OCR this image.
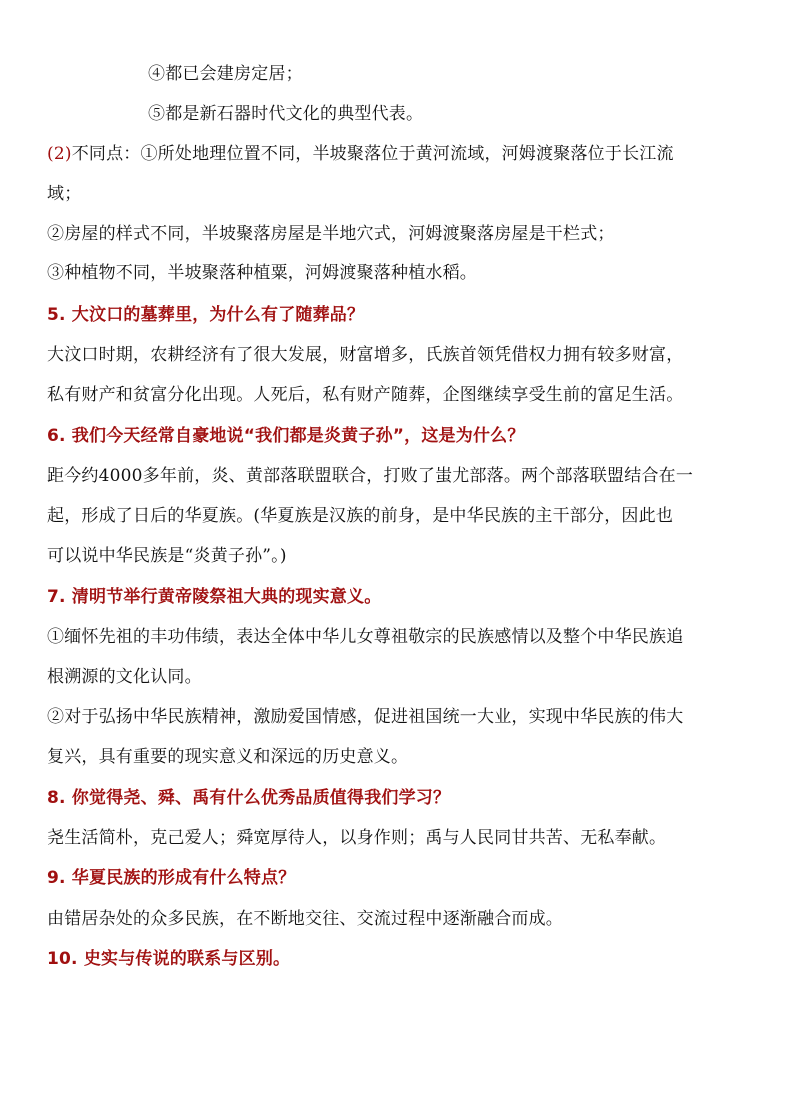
④都已会建房定居；
⑤都是新石器时代文化的典型代表。
(2)不同点：①所处地理位置不同，半坡聚落位于黄河流域，河姆渡聚落位于长江流
域；
②房屋的样式不同，半坡聚落房屋是半地穴式，河姆渡聚落房屋是干栏式；
③种植物不同，半坡聚落种植粟，河姆渡聚落种植水稻。
5. 大汶口的墓葬里，为什么有了随葬品？
大汶口时期，农耕经济有了很大发展，财富增多，氏族首领凭借权力拥有较多财富，
私有财产和贫富分化出现。人死后，私有财产随葬，企图继续享受生前的富足生活。
6. 我们今天经常自豪地说“我们都是炎黄子孙”，这是为什么？
距今约4000多年前，炎、黄部落联盟联合，打败了蚩尤部落。两个部落联盟结合在一
起，形成了日后的华夏族。(华夏族是汉族的前身，是中华民族的主干部分，因此也
可以说中华民族是“炎黄子孙”。)
7. 清明节举行黄帝陵祭祖大典的现实意义。
①缅怀先祖的丰功伟绩，表达全体中华儿女尊祖敬宗的民族感情以及整个中华民族追
根溯源的文化认同。
②对于弘扬中华民族精神，激励爱国情感，促进祖国统一大业，实现中华民族的伟大
复兴，具有重要的现实意义和深远的历史意义。
8. 你觉得尧、舜、禹有什么优秀品质值得我们学习？
尧生活简朴，克己爱人；舜宽厚待人，以身作则；禹与人民同甘共苦、无私奉献。
9. 华夏民族的形成有什么特点？
由错居杂处的众多民族，在不断地交往、交流过程中逐渐融合而成。
10. 史实与传说的联系与区别。
